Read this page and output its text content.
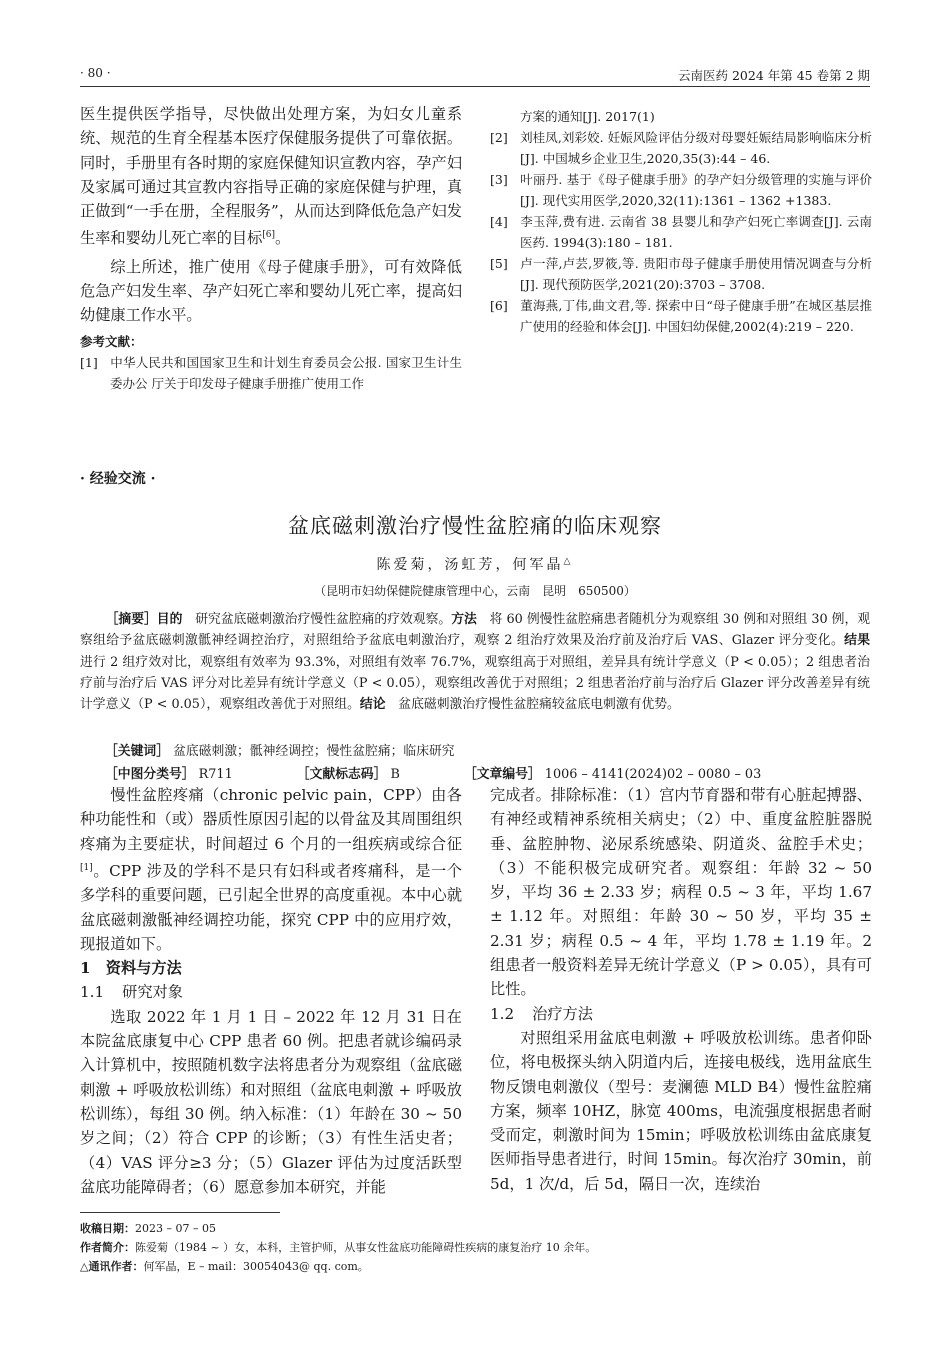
· 80 ·	云南医药 2024 年第 45 卷第 2 期

医生提供医学指导，尽快做出处理方案，为妇女儿童系统、规范的生育全程基本医疗保健服务提供了可靠依据。同时，手册里有各时期的家庭保健知识宣教内容，孕产妇及家属可通过其宣教内容指导正确的家庭保健与护理，真正做到“一手在册，全程服务”，从而达到降低危急产妇发生率和婴幼儿死亡率的目标[6]。

综上所述，推广使用《母子健康手册》，可有效降低危急产妇发生率、孕产妇死亡率和婴幼儿死亡率，提高妇幼健康工作水平。

参考文献：

[1] 中华人民共和国国家卫生和计划生育委员会公报. 国家卫生计生委办公 厅关于印发母子健康手册推广使用工作

方案的通知[J]. 2017(1)

[2] 刘桂凤,刘彩姣. 妊娠风险评估分级对母婴妊娠结局影响临床分析[J]. 中国城乡企业卫生,2020,35(3):44 – 46.

[3] 叶丽丹. 基于《母子健康手册》的孕产妇分级管理的实施与评价[J]. 现代实用医学,2020,32(11):1361 – 1362 +1383.

[4] 李玉萍,费有进. 云南省 38 县婴儿和孕产妇死亡率调查[J]. 云南医药. 1994(3):180 – 181.

[5] 卢一萍,卢芸,罗筱,等. 贵阳市母子健康手册使用情况调查与分析[J]. 现代预防医学,2021(20):3703 – 3708.

[6] 董海燕,丁伟,曲文君,等. 探索中日“母子健康手册”在城区基层推广使用的经验和体会[J]. 中国妇幼保健,2002(4):219 – 220.

· 经验交流 ·
盆底磁刺激治疗慢性盆腔痛的临床观察
陈爱菊，汤虹芳，何军晶△
（昆明市妇幼保健院健康管理中心，云南　昆明　650500）

［摘要］目的　 研究盆底磁刺激治疗慢性盆腔痛的疗效观察。方法　 将 60 例慢性盆腔痛患者随机分为观察组 30 例和对照组 30 例，观察组给予盆底磁刺激骶神经调控治疗，对照组给予盆底电刺激治疗，观察 2 组治疗效果及治疗前及治疗后 VAS、Glazer 评分变化。结果　进行 2 组疗效对比，观察组有效率为 93.3%，对照组有效率 76.7%，观察组高于对照组，差异具有统计学意义（P < 0.05）；2 组患者治疗前与治疗后 VAS 评分对比差异有统计学意义（P < 0.05），观察组改善优于对照组；2 组患者治疗前与治疗后 Glazer 评分改善差异有统计学意义（P < 0.05），观察组改善优于对照组。结论　 盆底磁刺激治疗慢性盆腔痛较盆底电刺激有优势。

［关键词］ 盆底磁刺激；骶神经调控；慢性盆腔痛；临床研究
［中图分类号］ R711	［文献标志码］ B	［文章编号］ 1006 – 4141(2024)02 – 0080 – 03

慢性盆腔疼痛（chronic pelvic pain，CPP）由各种功能性和（或）器质性原因引起的以骨盆及其周围组织疼痛为主要症状，时间超过 6 个月的一组疾病或综合征[1]。CPP 涉及的学科不是只有妇科或者疼痛科，是一个多学科的重要问题，已引起全世界的高度重视。本中心就盆底磁刺激骶神经调控功能，探究 CPP 中的应用疗效，现报道如下。

1　 资料与方法

1.1 研究对象

选取 2022 年 1 月 1 日 – 2022 年 12 月 31 日在本院盆底康复中心 CPP 患者 60 例。把患者就诊编码录入计算机中，按照随机数字法将患者分为观察组（盆底磁刺激 + 呼吸放松训练）和对照组（盆底电刺激 + 呼吸放松训练），每组 30 例。纳入标准：（1）年龄在 30 ~ 50 岁之间；（2）符合 CPP 的诊断；（3）有性生活史者；（4）VAS 评分≥3 分；（5）Glazer 评估为过度活跃型盆底功能障碍者；（6）愿意参加本研究，并能

完成者。排除标准：（1）宫内节育器和带有心脏起搏器、有神经或精神系统相关病史；（2）中、重度盆腔脏器脱垂、盆腔肿物、泌尿系统感染、阴道炎、盆腔手术史；（3）不能积极完成研究者。观察组：年龄 32 ~ 50 岁，平均 36 ± 2.33 岁；病程 0.5 ~ 3 年，平均 1.67 ± 1.12 年。对照组：年龄 30 ~ 50 岁，平均 35 ± 2.31 岁；病程 0.5 ~ 4 年，平均 1.78 ± 1.19 年。2 组患者一般资料差异无统计学意义（P > 0.05），具有可比性。

1.2 治疗方法

对照组采用盆底电刺激 + 呼吸放松训练。患者仰卧位，将电极探头纳入阴道内后，连接电极线，选用盆底生物反馈电刺激仪（型号：麦澜德 MLD B4）慢性盆腔痛方案，频率 10HZ，脉宽 400ms，电流强度根据患者耐受而定，刺激时间为 15min；呼吸放松训练由盆底康复医师指导患者进行，时间 15min。每次治疗 30min，前 5d，1 次/d，后 5d，隔日一次，连续治

收稿日期：2023 – 07 – 05
作者简介：陈爱菊（1984 ~ ）女，本科，主管护师，从事女性盆底功能障碍性疾病的康复治疗 10 余年。
△通讯作者：何军晶，E – mail：30054043@ qq. com。
